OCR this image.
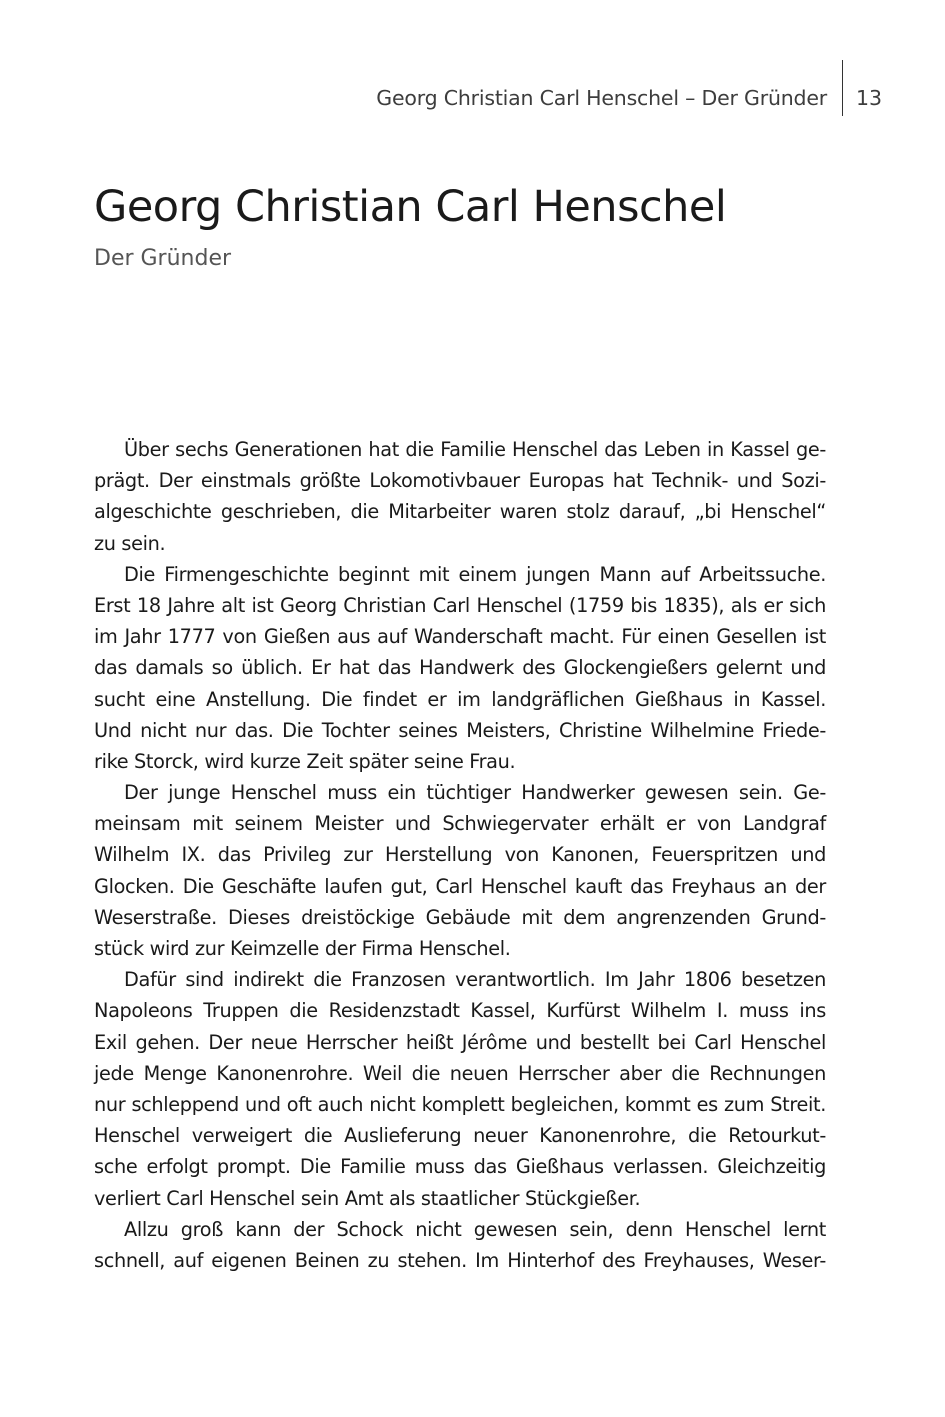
Georg Christian Carl Henschel – Der Gründer 13
Georg Christian Carl Henschel
Der Gründer
Über sechs Generationen hat die Familie Henschel das Leben in Kassel ge-
prägt. Der einstmals größte Lokomotivbauer Europas hat Technik- und Sozi-
algeschichte geschrieben, die Mitarbeiter waren stolz darauf, „bi Henschel“
zu sein.
Die Firmengeschichte beginnt mit einem jungen Mann auf Arbeitssuche.
Erst 18 Jahre alt ist Georg Christian Carl Henschel (1759 bis 1835), als er sich
im Jahr 1777 von Gießen aus auf Wanderschaft macht. Für einen Gesellen ist
das damals so üblich. Er hat das Handwerk des Glockengießers gelernt und
sucht eine Anstellung. Die findet er im landgräflichen Gießhaus in Kassel.
Und nicht nur das. Die Tochter seines Meisters, Christine Wilhelmine Friede-
rike Storck, wird kurze Zeit später seine Frau.
Der junge Henschel muss ein tüchtiger Handwerker gewesen sein. Ge-
meinsam mit seinem Meister und Schwiegervater erhält er von Landgraf
Wilhelm IX. das Privileg zur Herstellung von Kanonen, Feuerspritzen und
Glocken. Die Geschäfte laufen gut, Carl Henschel kauft das Freyhaus an der
Weserstraße. Dieses dreistöckige Gebäude mit dem angrenzenden Grund-
stück wird zur Keimzelle der Firma Henschel.
Dafür sind indirekt die Franzosen verantwortlich. Im Jahr 1806 besetzen
Napoleons Truppen die Residenzstadt Kassel, Kurfürst Wilhelm I. muss ins
Exil gehen. Der neue Herrscher heißt Jérôme und bestellt bei Carl Henschel
jede Menge Kanonenrohre. Weil die neuen Herrscher aber die Rechnungen
nur schleppend und oft auch nicht komplett begleichen, kommt es zum Streit.
Henschel verweigert die Auslieferung neuer Kanonenrohre, die Retourkut-
sche erfolgt prompt. Die Familie muss das Gießhaus verlassen. Gleichzeitig
verliert Carl Henschel sein Amt als staatlicher Stückgießer.
Allzu groß kann der Schock nicht gewesen sein, denn Henschel lernt
schnell, auf eigenen Beinen zu stehen. Im Hinterhof des Freyhauses, Weser-
